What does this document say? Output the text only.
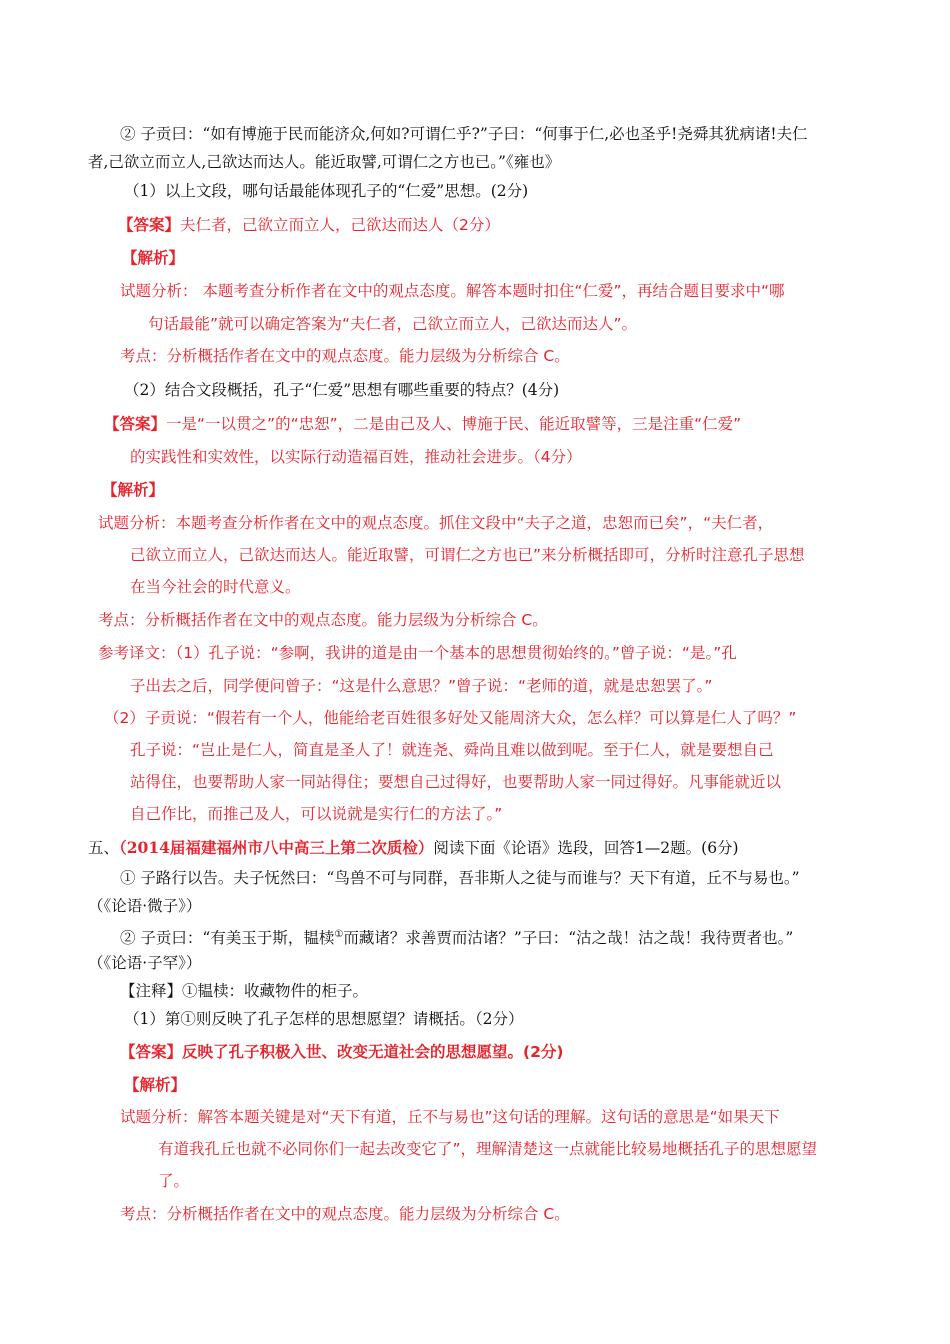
② 子贡曰：“如有博施于民而能济众,何如?可谓仁乎?”子曰：“何事于仁,必也圣乎!尧舜其犹病诸!夫仁
者,己欲立而立人,己欲达而达人。能近取譬,可谓仁之方也已。”《雍也》
（1）以上文段，哪句话最能体现孔子的“仁爱”思想。(2分)
【答案】夫仁者，己欲立而立人，己欲达而达人（2分）
【解析】
试题分析： 本题考查分析作者在文中的观点态度。解答本题时扣住“仁爱”，再结合题目要求中“哪
句话最能”就可以确定答案为“夫仁者，己欲立而立人，己欲达而达人”。
考点：分析概括作者在文中的观点态度。能力层级为分析综合 C。
（2）结合文段概括，孔子“仁爱”思想有哪些重要的特点？(4分)
【答案】一是“一以贯之”的“忠恕”，二是由己及人、博施于民、能近取譬等，三是注重“仁爱”
的实践性和实效性，以实际行动造福百姓，推动社会进步。（4分）
【解析】
试题分析：本题考查分析作者在文中的观点态度。抓住文段中“夫子之道，忠恕而已矣”，“夫仁者，
己欲立而立人，己欲达而达人。能近取譬，可谓仁之方也已”来分析概括即可，分析时注意孔子思想
在当今社会的时代意义。
考点：分析概括作者在文中的观点态度。能力层级为分析综合 C。
参考译文：（1）孔子说：“参啊，我讲的道是由一个基本的思想贯彻始终的。”曾子说：“是。”孔
子出去之后，同学便问曾子：“这是什么意思？”曾子说：“老师的道，就是忠恕罢了。”
（2）子贡说：“假若有一个人，他能给老百姓很多好处又能周济大众，怎么样？可以算是仁人了吗？”
孔子说：“岂止是仁人，简直是圣人了！就连尧、舜尚且难以做到呢。至于仁人，就是要想自己
站得住，也要帮助人家一同站得住；要想自己过得好，也要帮助人家一同过得好。凡事能就近以
自己作比，而推己及人，可以说就是实行仁的方法了。”
五、（2014届福建福州市八中高三上第二次质检）阅读下面《论语》选段，回答1—2题。(6分)
① 子路行以告。夫子怃然曰：“鸟兽不可与同群，吾非斯人之徒与而谁与？天下有道，丘不与易也。”
（《论语·微子》）
② 子贡曰：“有美玉于斯，韫椟①而藏诸？求善贾而沽诸？”子曰：“沽之哉！沽之哉！我待贾者也。”
（《论语·子罕》）
【注释】①韫椟：收藏物件的柜子。
（1）第①则反映了孔子怎样的思想愿望？请概括。（2分）
【答案】反映了孔子积极入世、改变无道社会的思想愿望。(2分)
【解析】
试题分析：解答本题关键是对“天下有道，丘不与易也”这句话的理解。这句话的意思是“如果天下
有道我孔丘也就不必同你们一起去改变它了”，理解清楚这一点就能比较易地概括孔子的思想愿望
了。
考点：分析概括作者在文中的观点态度。能力层级为分析综合 C。
